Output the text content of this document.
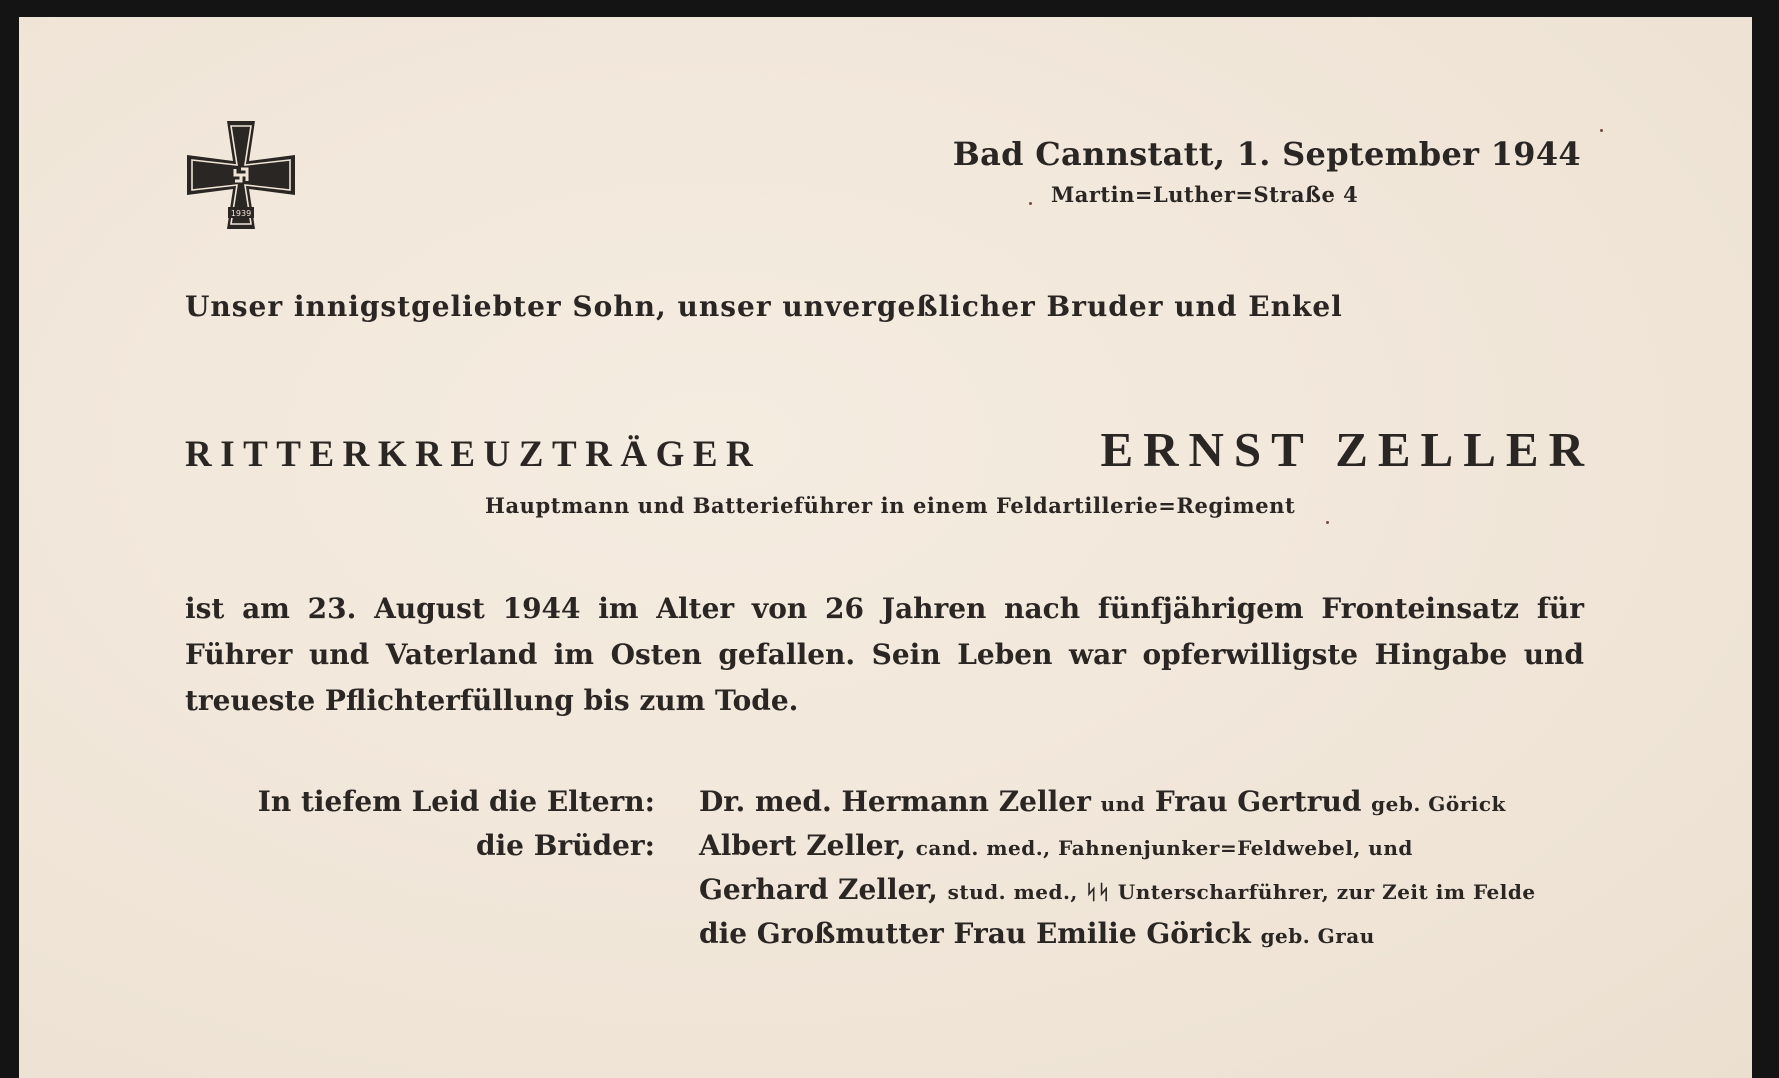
1939
Bad Cannstatt, 1. September 1944
Martin=Luther=Straße 4
Unser innigstgeliebter Sohn, unser unvergeßlicher Bruder und Enkel
RITTERKREUZTRÄGER	ERNST ZELLER
Hauptmann und Batterieführer in einem Feldartillerie=Regiment
ist am 23. August 1944 im Alter von 26 Jahren nach fünfjährigem Fronteinsatz für
Führer und Vaterland im Osten gefallen. Sein Leben war opferwilligste Hingabe und
treueste Pflichterfüllung bis zum Tode.
In tiefem Leid die Eltern: Dr. med. Hermann Zeller und Frau Gertrud geb. Görick
die Brüder: Albert Zeller, cand. med., Fahnenjunker=Feldwebel, und
Gerhard Zeller, stud. med., ᛋᛋ Unterscharführer, zur Zeit im Felde
die Großmutter Frau Emilie Görick geb. Grau
